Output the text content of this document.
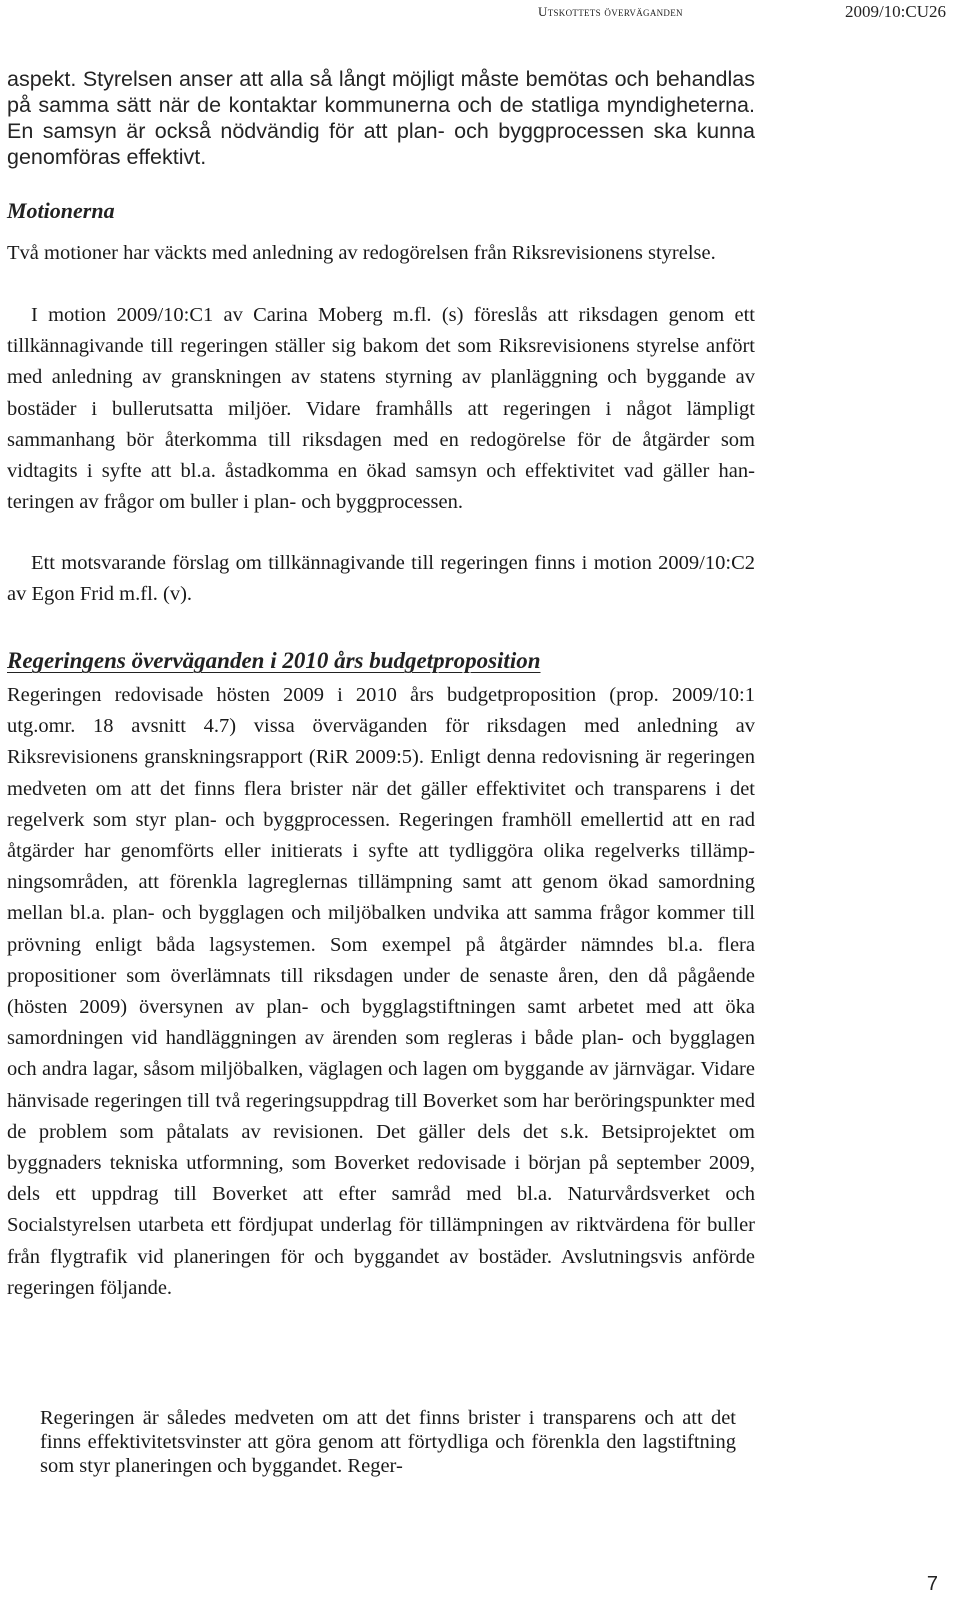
Utskottets överväganden	2009/10:CU26

aspekt. Styrelsen anser att alla så långt möjligt måste bemötas och behandlas på samma sätt när de kontaktar kommunerna och de statliga myndigheterna. En samsyn är också nödvändig för att plan- och byggprocessen ska kunna genomföras effektivt.

Motionerna

Två motioner har väckts med anledning av redogörelsen från Riksrevisionens styrelse.

I motion 2009/10:C1 av Carina Moberg m.fl. (s) föreslås att riksdagen genom ett tillkännagivande till regeringen ställer sig bakom det som Riksrevisionens styrelse anfört med anledning av granskningen av statens styrning av planläggning och byggande av bostäder i bullerutsatta miljöer. Vidare framhålls att regeringen i något lämpligt sammanhang bör återkomma till riksdagen med en redogörelse för de åtgärder som vidtagits i syfte att bl.a. åstadkomma en ökad samsyn och effektivitet vad gäller hanteringen av frågor om buller i plan- och byggprocessen.

Ett motsvarande förslag om tillkännagivande till regeringen finns i motion 2009/10:C2 av Egon Frid m.fl. (v).

Regeringens överväganden i 2010 års budgetproposition

Regeringen redovisade hösten 2009 i 2010 års budgetproposition (prop. 2009/10:1 utg.omr. 18 avsnitt 4.7) vissa överväganden för riksdagen med anledning av Riksrevisionens granskningsrapport (RiR 2009:5). Enligt denna redovisning är regeringen medveten om att det finns flera brister när det gäller effektivitet och transparens i det regelverk som styr plan- och byggprocessen. Regeringen framhöll emellertid att en rad åtgärder har genomförts eller initierats i syfte att tydliggöra olika regelverks tillämpningsområden, att förenkla lagreglernas tillämpning samt att genom ökad samordning mellan bl.a. plan- och bygglagen och miljöbalken undvika att samma frågor kommer till prövning enligt båda lagsystemen. Som exempel på åtgärder nämndes bl.a. flera propositioner som överlämnats till riksdagen under de senaste åren, den då pågående (hösten 2009) översynen av plan- och bygglagstiftningen samt arbetet med att öka samordningen vid handläggningen av ärenden som regleras i både plan- och bygglagen och andra lagar, såsom miljöbalken, väglagen och lagen om byggande av järnvägar. Vidare hänvisade regeringen till två regeringsuppdrag till Boverket som har beröringspunkter med de problem som påtalats av revisionen. Det gäller dels det s.k. Betsiprojektet om byggnaders tekniska utformning, som Boverket redovisade i början på september 2009, dels ett uppdrag till Boverket att efter samråd med bl.a. Naturvårdsverket och Socialstyrelsen utarbeta ett fördjupat underlag för tillämpningen av riktvärdena för buller från flygtrafik vid planeringen för och byggandet av bostäder. Avslutningsvis anförde regeringen följande.

Regeringen är således medveten om att det finns brister i transparens och att det finns effektivitetsvinster att göra genom att förtydliga och förenkla den lagstiftning som styr planeringen och byggandet. Reger-

7
